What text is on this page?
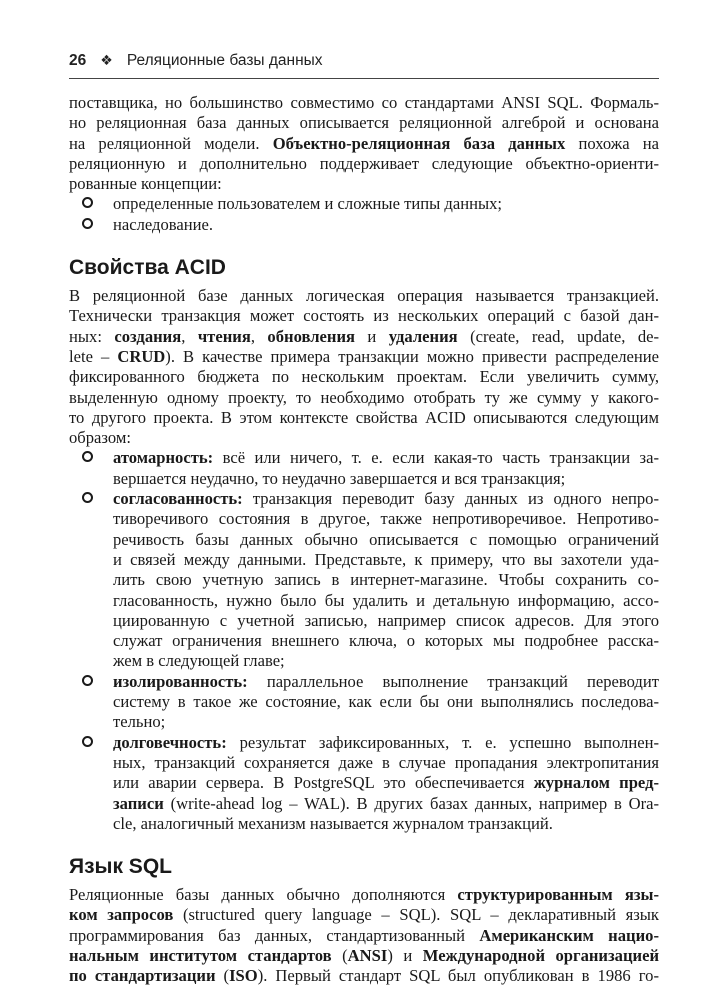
26 ❖ Реляционные базы данных

поставщика, но большинство совместимо со стандартами ANSI SQL. Формаль-
но реляционная база данных описывается реляционной алгеброй и основана
на реляционной модели. Объектно-реляционная база данных похожа на
реляционную и дополнительно поддерживает следующие объектно-ориенти-
рованные концепции:

определенные пользователем и сложные типы данных;
наследование.
Свойства ACID

В реляционной базе данных логическая операция называется транзакцией.
Технически транзакция может состоять из нескольких операций с базой дан-
ных: создания, чтения, обновления и удаления (create, read, update, de-
lete – CRUD). В качестве примера транзакции можно привести распределение
фиксированного бюджета по нескольким проектам. Если увеличить сумму,
выделенную одному проекту, то необходимо отобрать ту же сумму у какого-
то другого проекта. В этом контексте свойства ACID описываются следующим
образом:

атомарность: всё или ничего, т. е. если какая-то часть транзакции за-
вершается неудачно, то неудачно завершается и вся транзакция;
согласованность: транзакция переводит базу данных из одного непро-
тиворечивого состояния в другое, также непротиворечивое. Непротиво-
речивость базы данных обычно описывается с помощью ограничений
и связей между данными. Представьте, к примеру, что вы захотели уда-
лить свою учетную запись в интернет-магазине. Чтобы сохранить со-
гласованность, нужно было бы удалить и детальную информацию, ассо-
циированную с учетной записью, например список адресов. Для этого
служат ограничения внешнего ключа, о которых мы подробнее расска-
жем в следующей главе;
изолированность: параллельное выполнение транзакций переводит
систему в такое же состояние, как если бы они выполнялись последова-
тельно;
долговечность: результат зафиксированных, т. е. успешно выполнен-
ных, транзакций сохраняется даже в случае пропадания электропитания
или аварии сервера. В PostgreSQL это обеспечивается журналом пред-
записи (write-ahead log – WAL). В других базах данных, например в Ora-
cle, аналогичный механизм называется журналом транзакций.
Язык SQL

Реляционные базы данных обычно дополняются структурированным язы-
ком запросов (structured query language – SQL). SQL – декларативный язык
программирования баз данных, стандартизованный Американским нацио-
нальным институтом стандартов (ANSI) и Международной организацией
по стандартизации (ISO). Первый стандарт SQL был опубликован в 1986 го-
